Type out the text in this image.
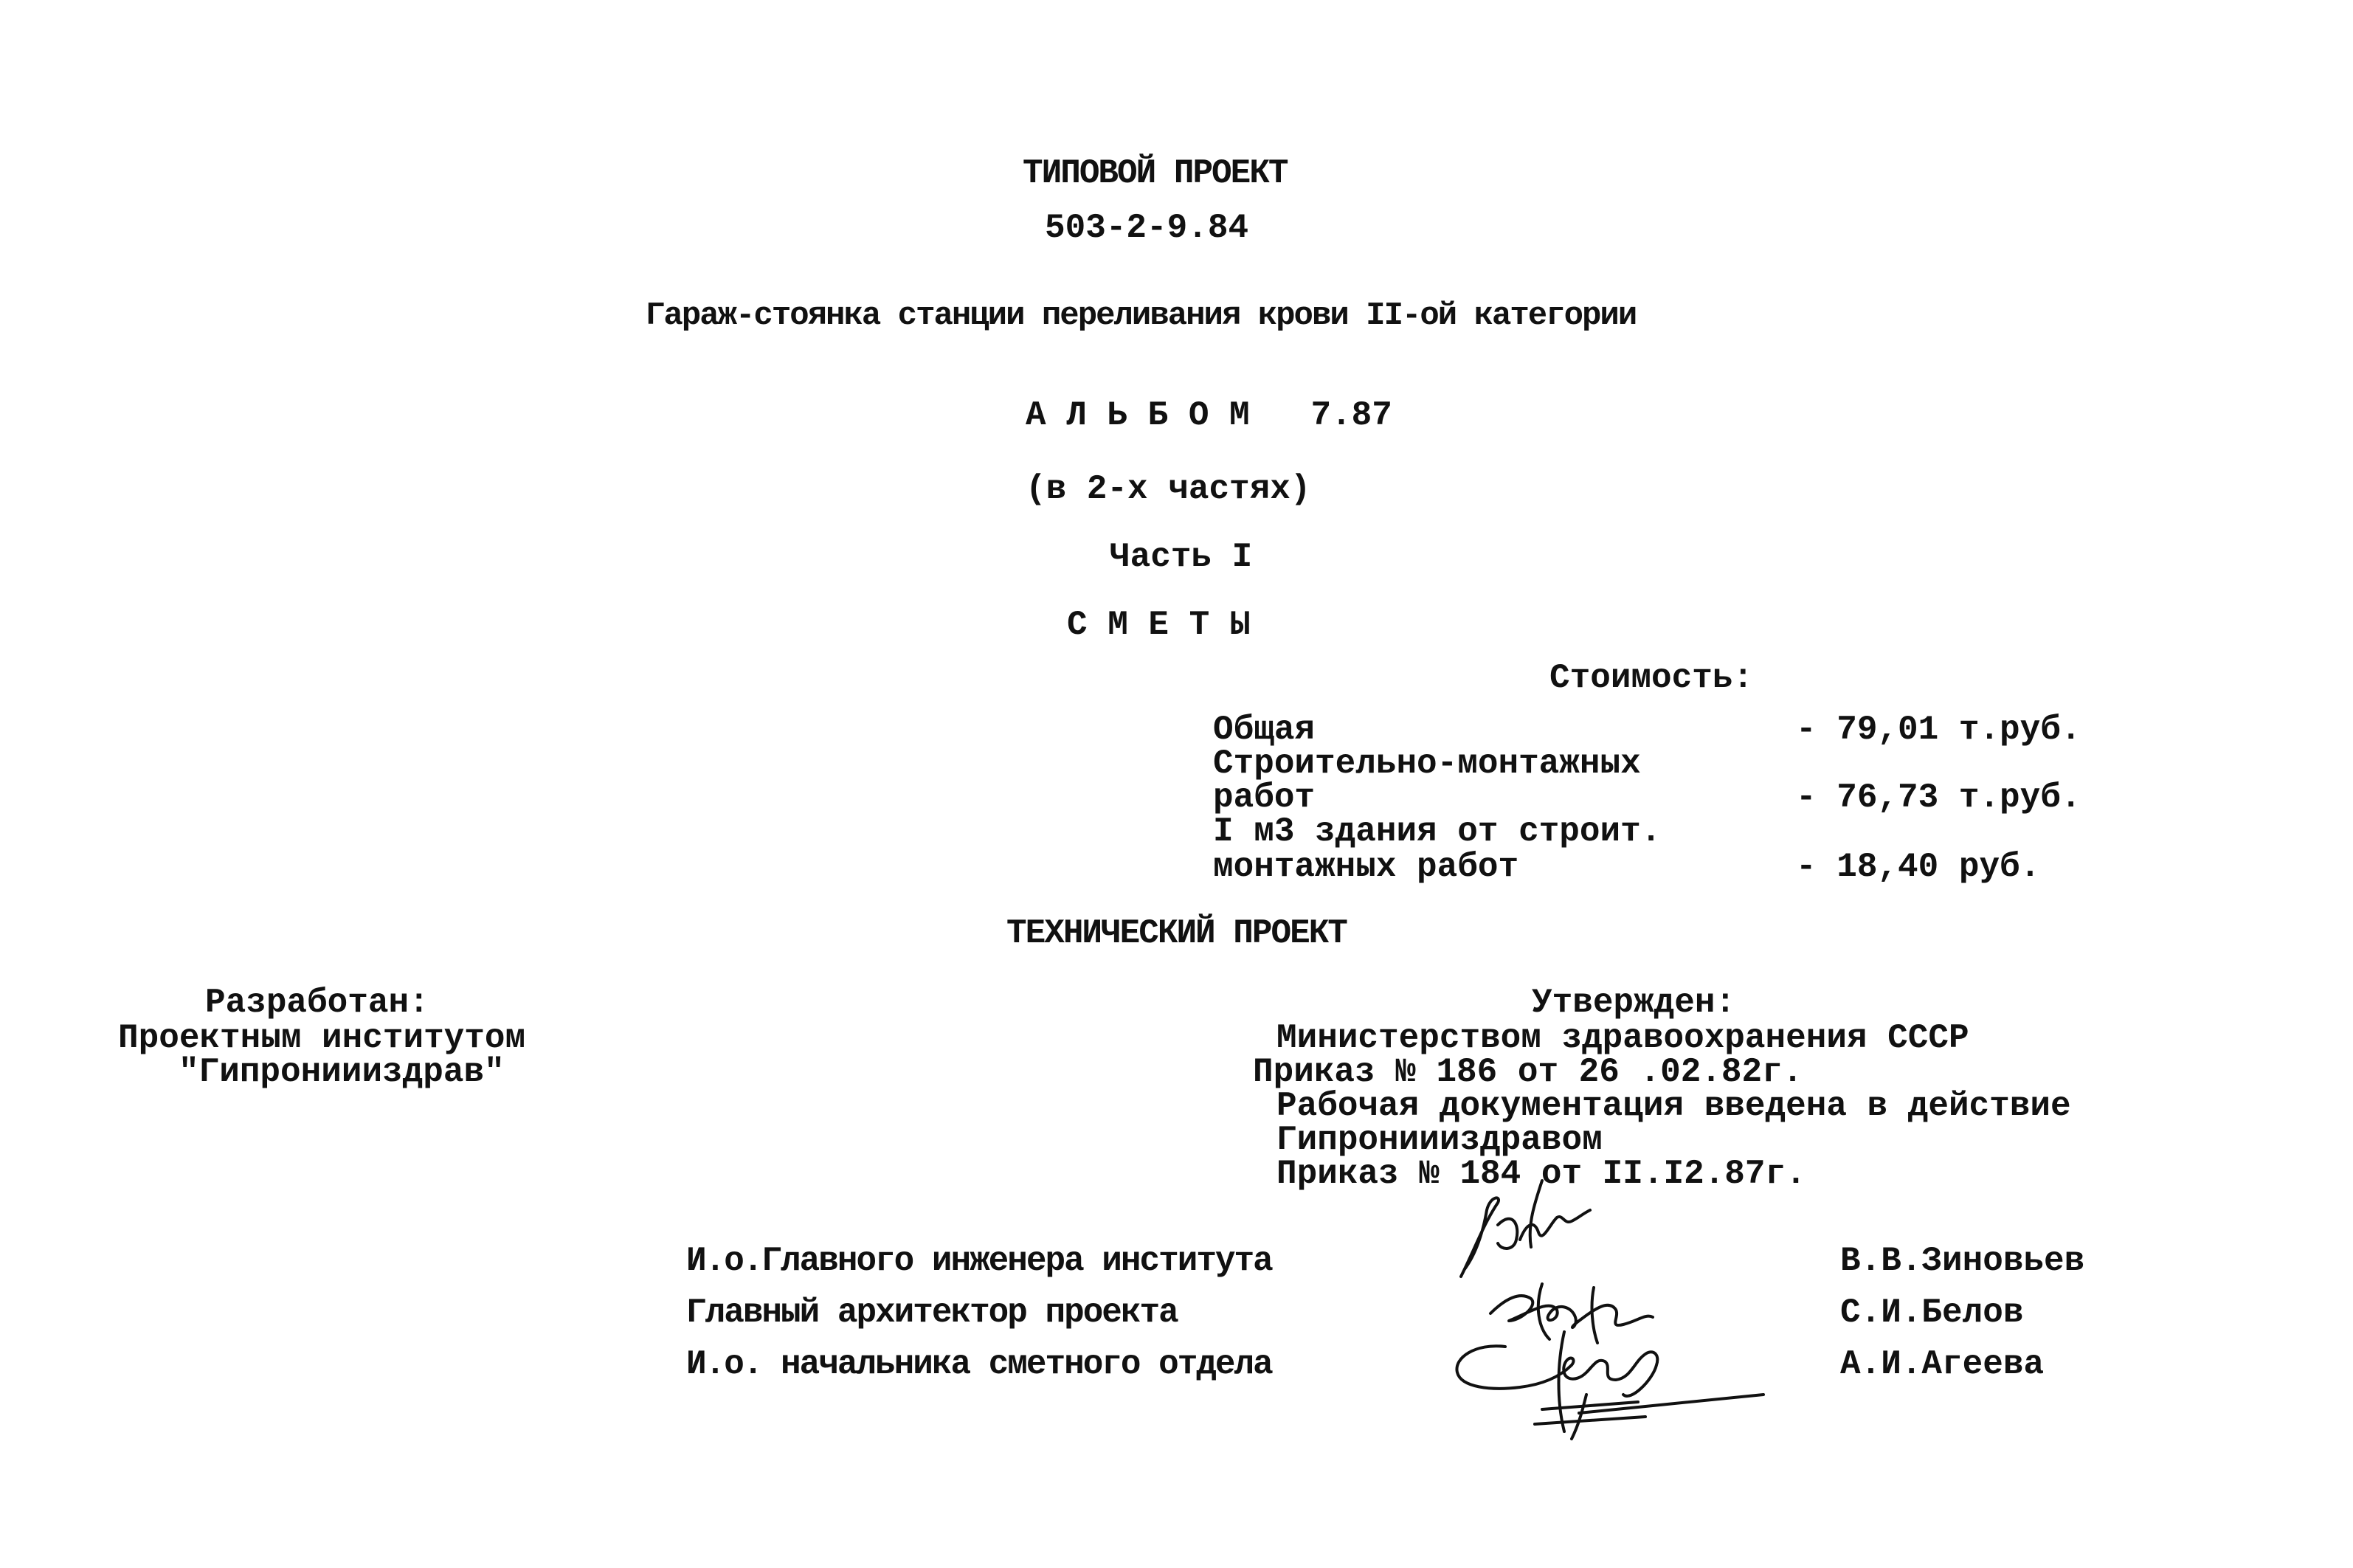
ТИПОВОЙ ПРОЕКТ
503-2-9.84
Гараж-стоянка станции переливания крови II-ой категории
А Л Ь Б О М   7.87
(в 2-х частях)
Часть I
С М Е Т Ы
Стоимость:
Общая	- 79,01 т.руб.
Строительно-монтажных
работ	- 76,73 т.руб.
I м3 здания от строит.
монтажных работ	- 18,40 руб.
ТЕХНИЧЕСКИЙ ПРОЕКТ
Разработан:
Проектным институтом
"Гипрониииздрав"
Утвержден:
Министерством здравоохранения СССР
Приказ № 186 от 26 .02.82г.
Рабочая документация введена в действие
Гипрониииздравом
Приказ № 184 от II.I2.87г.
И.о.Главного инженера института	В.В.Зиновьев
Главный архитектор проекта	С.И.Белов
И.о. начальника сметного отдела	А.И.Агеева
